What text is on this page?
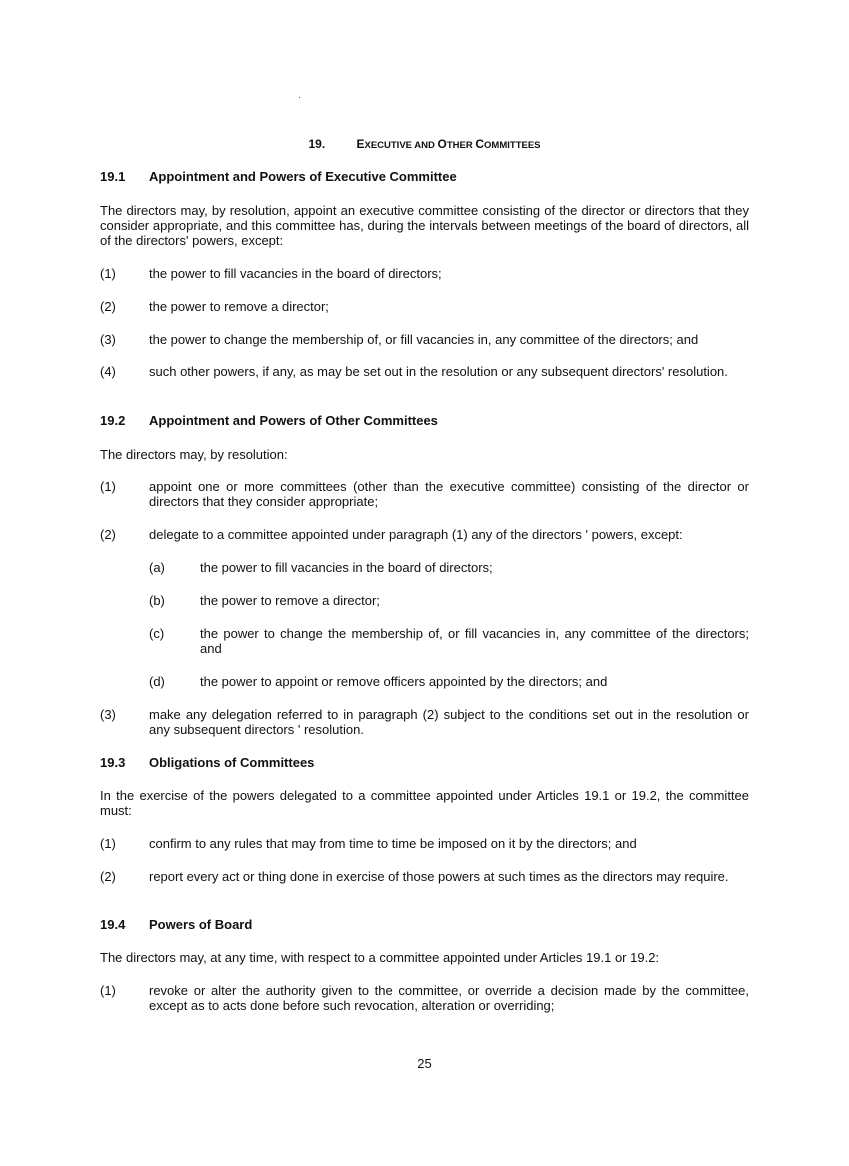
19.	EXECUTIVE AND OTHER COMMITTEES
19.1 Appointment and Powers of Executive Committee
The directors may, by resolution, appoint an executive committee consisting of the director or directors that they consider appropriate, and this committee has, during the intervals between meetings of the board of directors, all of the directors' powers, except:
(1)	the power to fill vacancies in the board of directors;
(2)	the power to remove a director;
(3)	the power to change the membership of, or fill vacancies in, any committee of the directors; and
(4)	such other powers, if any, as may be set out in the resolution or any subsequent directors' resolution.
19.2 Appointment and Powers of Other Committees
The directors may, by resolution:
(1)	appoint one or more committees (other than the executive committee) consisting of the director or directors that they consider appropriate;
(2)	delegate to a committee appointed under paragraph (1) any of the directors ' powers, except:
(a)	the power to fill vacancies in the board of directors;
(b)	the power to remove a director;
(c)	the power to change the membership of, or fill vacancies in, any committee of the directors; and
(d)	the power to appoint or remove officers appointed by the directors; and
(3)	make any delegation referred to in paragraph (2) subject to the conditions set out in the resolution or any subsequent directors ' resolution.
19.3 Obligations of Committees
In the exercise of the powers delegated to a committee appointed under Articles 19.1 or 19.2, the committee must:
(1)	confirm to any rules that may from time to time be imposed on it by the directors; and
(2)	report every act or thing done in exercise of those powers at such times as the directors may require.
19.4 Powers of Board
The directors may, at any time, with respect to a committee appointed under Articles 19.1 or 19.2:
(1)	revoke or alter the authority given to the committee, or override a decision made by the committee, except as to acts done before such revocation, alteration or overriding;
25
